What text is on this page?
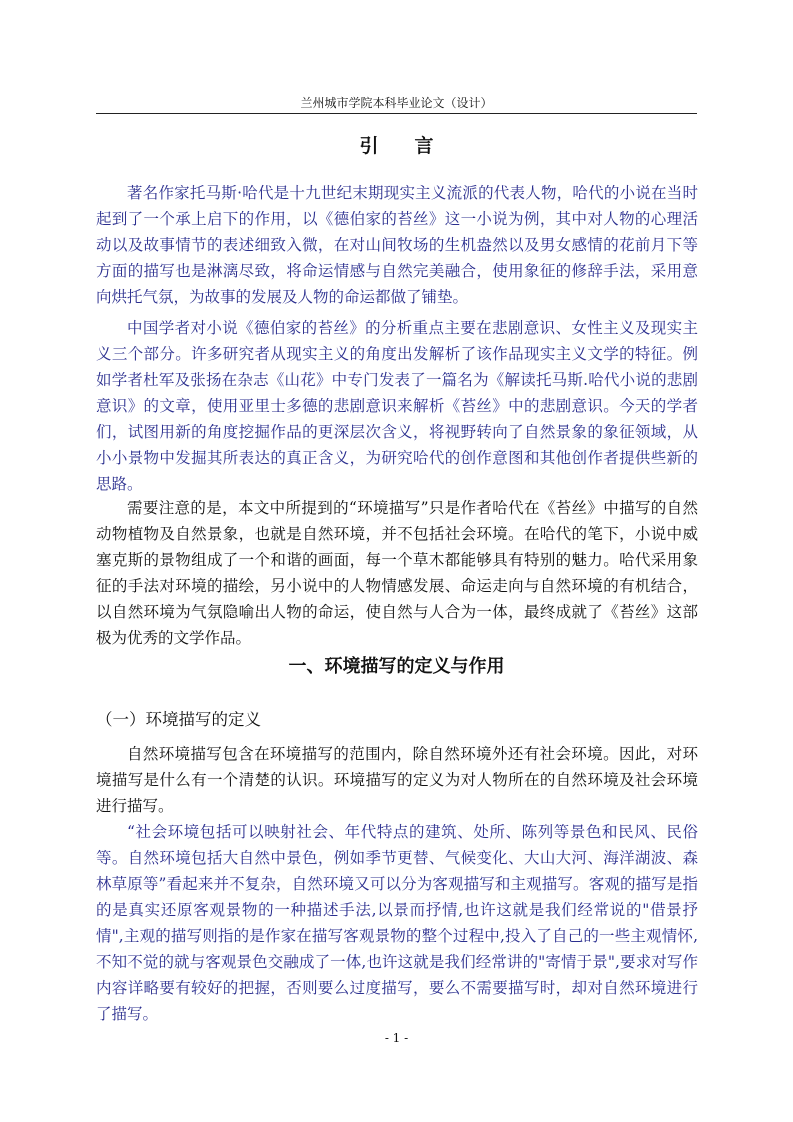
兰州城市学院本科毕业论文（设计）
引言

著名作家托马斯·哈代是十九世纪末期现实主义流派的代表人物，哈代的小说在当时起到了一个承上启下的作用，以《德伯家的苔丝》这一小说为例，其中对人物的心理活动以及故事情节的表述细致入微，在对山间牧场的生机盎然以及男女感情的花前月下等方面的描写也是淋漓尽致，将命运情感与自然完美融合，使用象征的修辞手法，采用意向烘托气氛，为故事的发展及人物的命运都做了铺垫。

中国学者对小说《德伯家的苔丝》的分析重点主要在悲剧意识、女性主义及现实主义三个部分。许多研究者从现实主义的角度出发解析了该作品现实主义文学的特征。例如学者杜军及张扬在杂志《山花》中专门发表了一篇名为《解读托马斯.哈代小说的悲剧意识》的文章，使用亚里士多德的悲剧意识来解析《苔丝》中的悲剧意识。今天的学者们，试图用新的角度挖掘作品的更深层次含义，将视野转向了自然景象的象征领域，从小小景物中发掘其所表达的真正含义，为研究哈代的创作意图和其他创作者提供些新的思路。

需要注意的是，本文中所提到的“环境描写”只是作者哈代在《苔丝》中描写的自然动物植物及自然景象，也就是自然环境，并不包括社会环境。在哈代的笔下，小说中威塞克斯的景物组成了一个和谐的画面，每一个草木都能够具有特别的魅力。哈代采用象征的手法对环境的描绘，另小说中的人物情感发展、命运走向与自然环境的有机结合，以自然环境为气氛隐喻出人物的命运，使自然与人合为一体，最终成就了《苔丝》这部极为优秀的文学作品。

一、环境描写的定义与作用
（一）环境描写的定义

自然环境描写包含在环境描写的范围内，除自然环境外还有社会环境。因此，对环境描写是什么有一个清楚的认识。环境描写的定义为对人物所在的自然环境及社会环境进行描写。

“社会环境包括可以映射社会、年代特点的建筑、处所、陈列等景色和民风、民俗等。自然环境包括大自然中景色，例如季节更替、气候变化、大山大河、海洋湖波、森林草原等”看起来并不复杂，自然环境又可以分为客观描写和主观描写。客观的描写是指的是真实还原客观景物的一种描述手法,以景而抒情,也许这就是我们经常说的"借景抒情",主观的描写则指的是作家在描写客观景物的整个过程中,投入了自己的一些主观情怀,不知不觉的就与客观景色交融成了一体,也许这就是我们经常讲的"寄情于景",要求对写作内容详略要有较好的把握，否则要么过度描写，要么不需要描写时，却对自然环境进行了描写。

- 1 -
